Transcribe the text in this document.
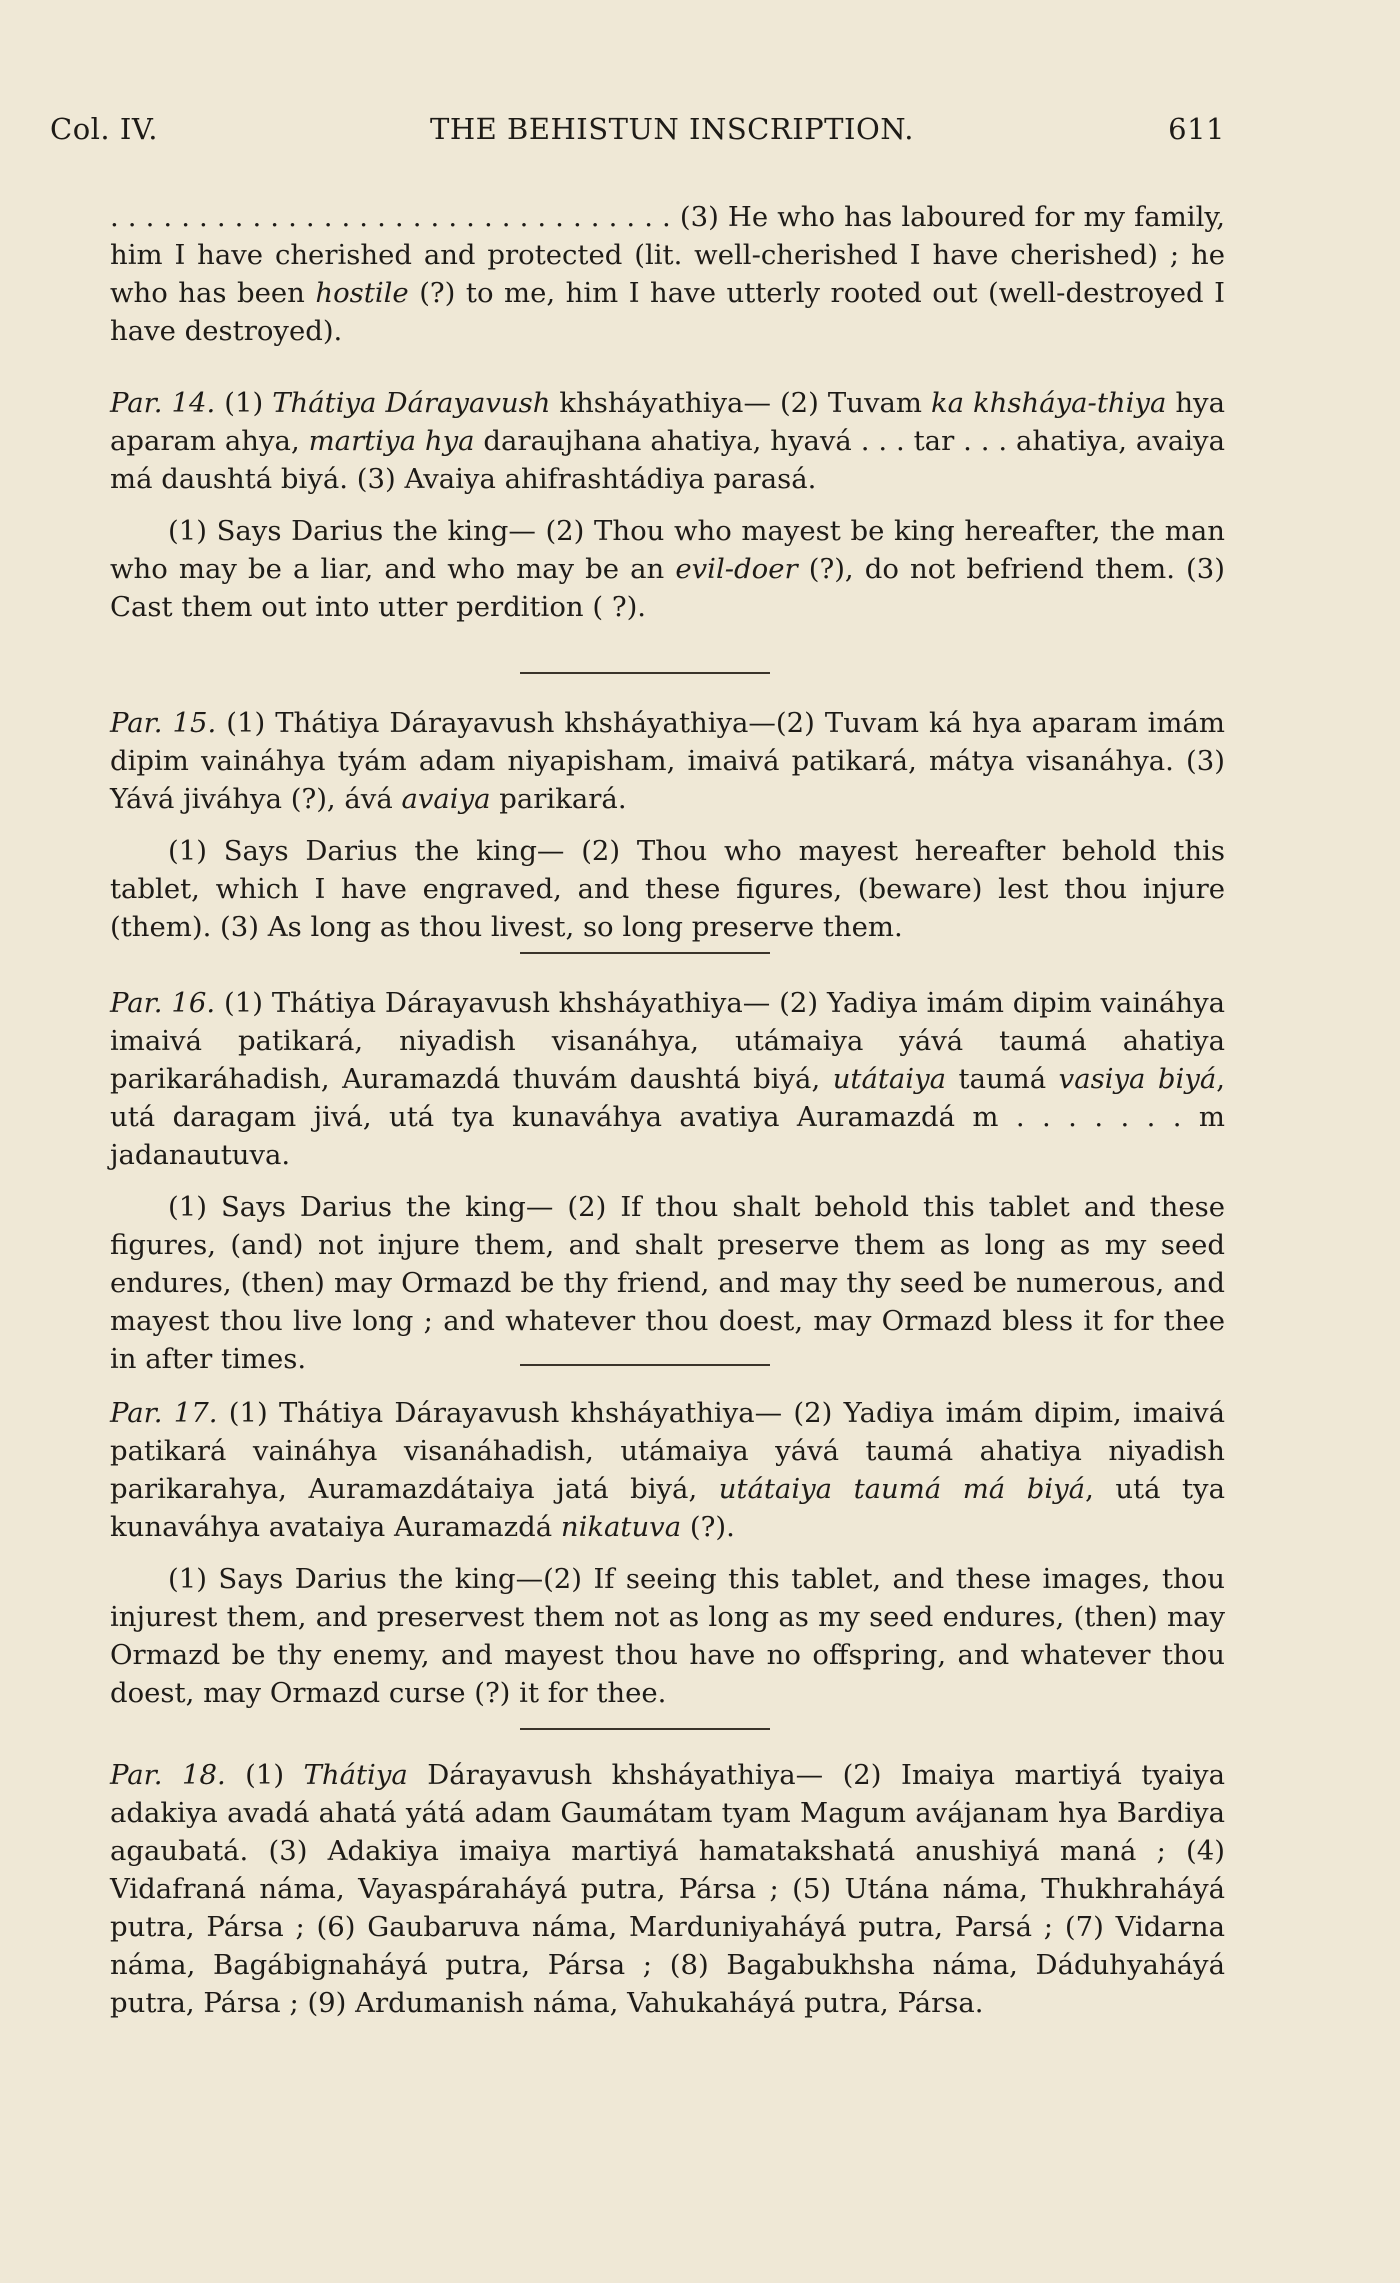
Col. IV.	THE BEHISTUN INSCRIPTION.	611
. . . . . . . . . . . . . . . . . . . . . . . . . . . . . . . . (3) He who has laboured for my family, him I have cherished and protected (lit. well-cherished I have cherished) ; he who has been hostile (?) to me, him I have utterly rooted out (well-destroyed I have destroyed).
Par. 14. (1) Thátiya Dárayavush khsháyathiya— (2) Tuvam ka khsháya-thiya hya aparam ahya, martiya hya daraujhana ahatiya, hyavá . . . tar . . . ahatiya, avaiya má daushtá biyá. (3) Avaiya ahifrashtádiya parasá.
(1) Says Darius the king— (2) Thou who mayest be king hereafter, the man who may be a liar, and who may be an evil-doer (?), do not befriend them. (3) Cast them out into utter perdition ( ?).
Par. 15. (1) Thátiya Dárayavush khsháyathiya—(2) Tuvam ká hya aparam imám dipim vaináhya tyám adam niyapisham, imaivá patikará, mátya visanáhya. (3) Yává jiváhya (?), ává avaiya parikará.
(1) Says Darius the king— (2) Thou who mayest hereafter behold this tablet, which I have engraved, and these figures, (beware) lest thou injure (them). (3) As long as thou livest, so long preserve them.
Par. 16. (1) Thátiya Dárayavush khsháyathiya— (2) Yadiya imám dipim vaináhya imaivá patikará, niyadish visanáhya, utámaiya yává taumá ahatiya parikaráhadish, Auramazdá thuvám daushtá biyá, utátaiya taumá vasiya biyá, utá daragam jivá, utá tya kunaváhya avatiya Auramazdá m . . . . . . . m jadanautuva.
(1) Says Darius the king— (2) If thou shalt behold this tablet and these figures, (and) not injure them, and shalt preserve them as long as my seed endures, (then) may Ormazd be thy friend, and may thy seed be numerous, and mayest thou live long ; and whatever thou doest, may Ormazd bless it for thee in after times.
Par. 17. (1) Thátiya Dárayavush khsháyathiya— (2) Yadiya imám dipim, imaivá patikará vaináhya visanáhadish, utámaiya yává taumá ahatiya niyadish parikarahya, Auramazdátaiya jatá biyá, utátaiya taumá má biyá, utá tya kunaváhya avataiya Auramazdá nikatuva (?).
(1) Says Darius the king—(2) If seeing this tablet, and these images, thou injurest them, and preservest them not as long as my seed endures, (then) may Ormazd be thy enemy, and mayest thou have no offspring, and whatever thou doest, may Ormazd curse (?) it for thee.
Par. 18. (1) Thátiya Dárayavush khsháyathiya— (2) Imaiya martiyá tyaiya adakiya avadá ahatá yátá adam Gaumátam tyam Magum avájanam hya Bardiya agaubatá. (3) Adakiya imaiya martiyá hamatakshatá anushiyá maná ; (4) Vidafraná náma, Vayaspáraháyá putra, Pársa ; (5) Utána náma, Thukhraháyá putra, Pársa ; (6) Gaubaruva náma, Marduniyaháyá putra, Parsá ; (7) Vidarna náma, Bagábignaháyá putra, Pársa ; (8) Bagabukhsha náma, Dáduhyaháyá putra, Pársa ; (9) Ardumanish náma, Vahukaháyá putra, Pársa.
